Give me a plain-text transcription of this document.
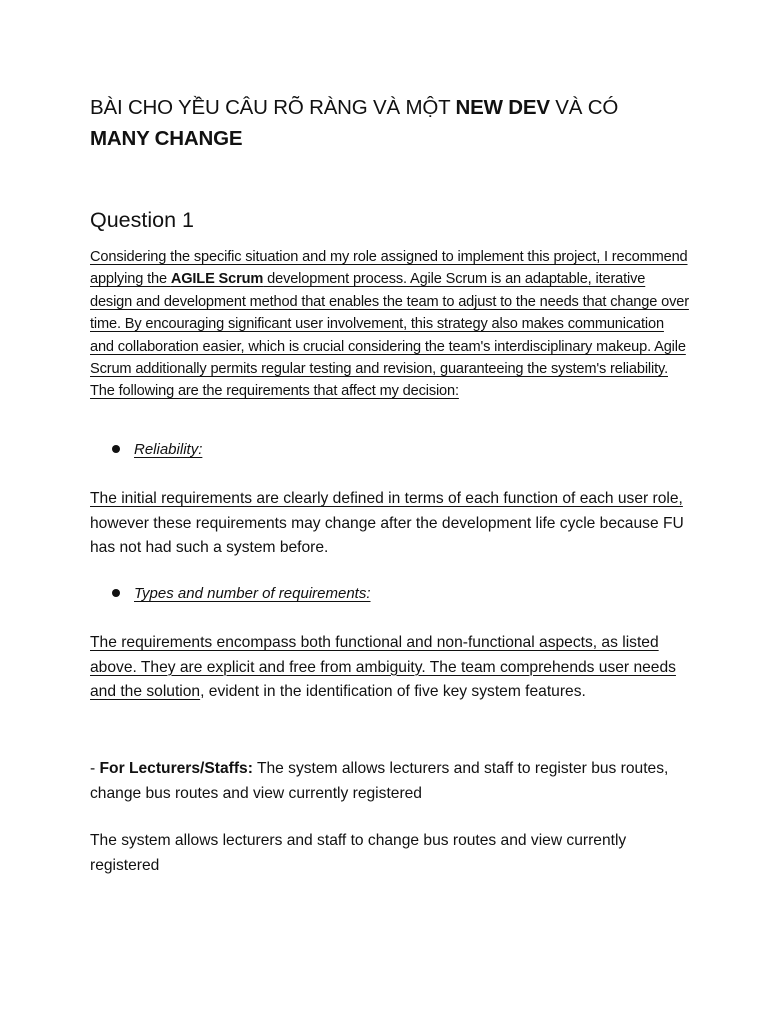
BÀI CHO YỀU CÂU RÕ RÀNG VÀ MỘT NEW DEV VÀ CÓ MANY CHANGE
Question 1
Considering the specific situation and my role assigned to implement this project, I recommend applying the AGILE Scrum development process. Agile Scrum is an adaptable, iterative design and development method that enables the team to adjust to the needs that change over time. By encouraging significant user involvement, this strategy also makes communication and collaboration easier, which is crucial considering the team's interdisciplinary makeup. Agile Scrum additionally permits regular testing and revision, guaranteeing the system's reliability. The following are the requirements that affect my decision:
Reliability:
The initial requirements are clearly defined in terms of each function of each user role, however these requirements may change after the development life cycle because FU has not had such a system before.
Types and number of requirements:
The requirements encompass both functional and non-functional aspects, as listed above. They are explicit and free from ambiguity. The team comprehends user needs and the solution, evident in the identification of five key system features.
- For Lecturers/Staffs: The system allows lecturers and staff to register bus routes, change bus routes and view currently registered
The system allows lecturers and staff to change bus routes and view currently registered
